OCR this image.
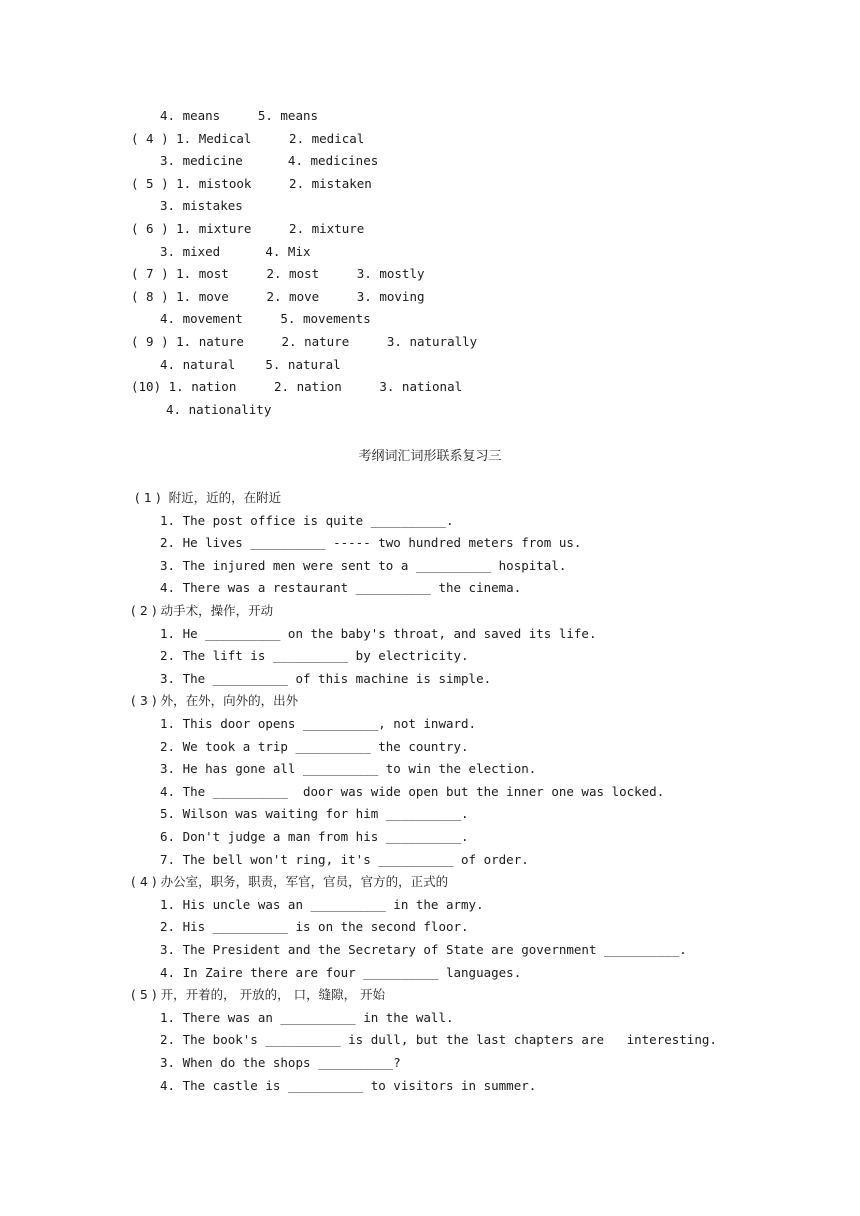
4. means     5. means
( 4 ) 1. Medical     2. medical
3. medicine      4. medicines
( 5 ) 1. mistook     2. mistaken
3. mistakes
( 6 ) 1. mixture     2. mixture
3. mixed      4. Mix
( 7 ) 1. most     2. most     3. mostly
( 8 ) 1. move     2. move     3. moving
4. movement     5. movements
( 9 ) 1. nature     2. nature     3. naturally
4. natural    5. natural
(10) 1. nation     2. nation     3. national
4. nationality
考纲词汇词形联系复习三
( 1 )  附近，近的，在附近
1. The post office is quite __________.
2. He lives __________ ----- two hundred meters from us.
3. The injured men were sent to a __________ hospital.
4. There was a restaurant __________ the cinema.
( 2 ) 动手术，操作，开动
1. He __________ on the baby's throat, and saved its life.
2. The lift is __________ by electricity.
3. The __________ of this machine is simple.
( 3 ) 外，在外，向外的，出外
1. This door opens __________, not inward.
2. We took a trip __________ the country.
3. He has gone all __________ to win the election.
4. The __________  door was wide open but the inner one was locked.
5. Wilson was waiting for him __________.
6. Don't judge a man from his __________.
7. The bell won't ring, it's __________ of order.
( 4 ) 办公室，职务，职责，军官，官员，官方的，正式的
1. His uncle was an __________ in the army.
2. His __________ is on the second floor.
3. The President and the Secretary of State are government __________.
4. In Zaire there are four __________ languages.
( 5 ) 开，开着的， 开放的， 口，缝隙， 开始
1. There was an __________ in the wall.
2. The book's __________ is dull, but the last chapters are   interesting.
3. When do the shops __________?
4. The castle is __________ to visitors in summer.
